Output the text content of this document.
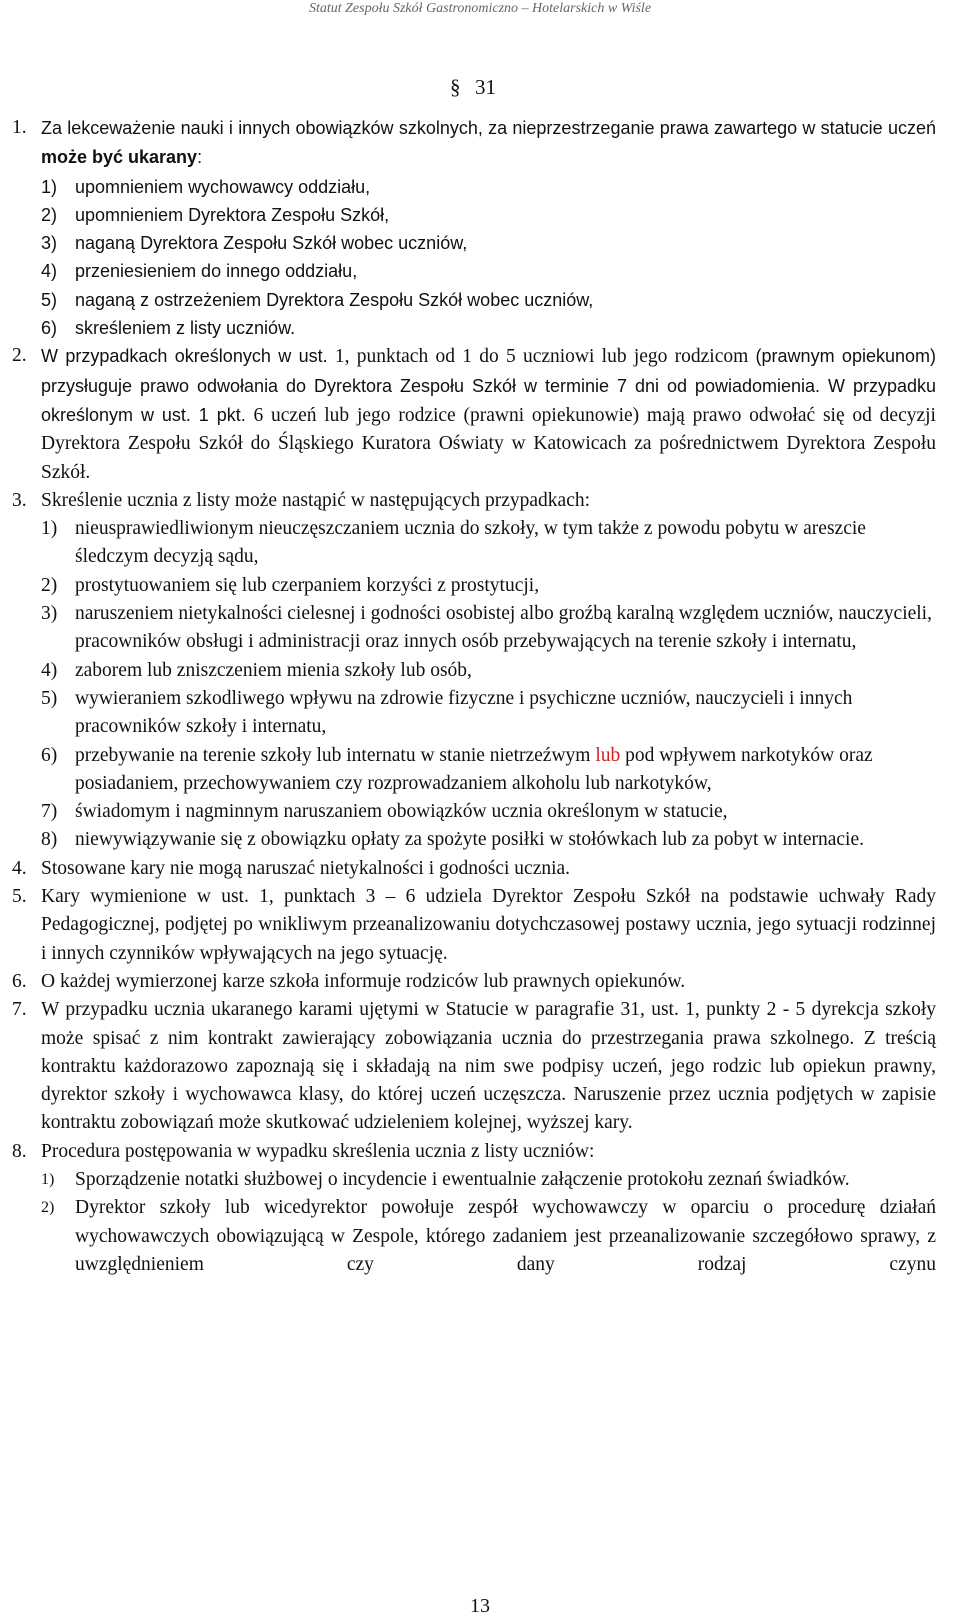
Statut Zespołu Szkół Gastronomiczno – Hotelarskich w Wiśle
§ 31
1. Za lekceważenie nauki i innych obowiązków szkolnych, za nieprzestrzeganie prawa zawartego w statucie uczeń może być ukarany:
1) upomnieniem wychowawcy oddziału,
2) upomnieniem Dyrektora Zespołu Szkół,
3) naganą Dyrektora Zespołu Szkół wobec uczniów,
4) przeniesieniem do innego oddziału,
5) naganą z ostrzeżeniem Dyrektora Zespołu Szkół wobec uczniów,
6) skreśleniem z listy uczniów.
2. W przypadkach określonych w ust. 1, punktach od 1 do 5 uczniowi lub jego rodzicom (prawnym opiekunom) przysługuje prawo odwołania do Dyrektora Zespołu Szkół w terminie 7 dni od powiadomienia. W przypadku określonym w ust. 1 pkt. 6 uczeń lub jego rodzice (prawni opiekunowie) mają prawo odwołać się od decyzji Dyrektora Zespołu Szkół do Śląskiego Kuratora Oświaty w Katowicach za pośrednictwem Dyrektora Zespołu Szkół.
3. Skreślenie ucznia z listy może nastąpić w następujących przypadkach:
1) nieusprawiedliwionym nieuczęszczaniem ucznia do szkoły, w tym także z powodu pobytu w areszcie śledczym decyzją sądu,
2) prostytuowaniem się lub czerpaniem korzyści z prostytucji,
3) naruszeniem nietykalności cielesnej i godności osobistej albo groźbą karalną względem uczniów, nauczycieli, pracowników obsługi i administracji oraz innych osób przebywających na terenie szkoły i internatu,
4) zaborem lub zniszczeniem mienia szkoły lub osób,
5) wywieraniem szkodliwego wpływu na zdrowie fizyczne i psychiczne uczniów, nauczycieli i innych pracowników szkoły i internatu,
6) przebywanie na terenie szkoły lub internatu w stanie nietrzeźwym lub pod wpływem narkotyków oraz posiadaniem, przechowywaniem czy rozprowadzaniem alkoholu lub narkotyków,
7) świadomym i nagminnym naruszaniem obowiązków ucznia określonym w statucie,
8) niewywiązywanie się z obowiązku opłaty za spożyte posiłki w stołówkach lub za pobyt w internacie.
4. Stosowane kary nie mogą naruszać nietykalności i godności ucznia.
5. Kary wymienione w ust. 1, punktach 3 – 6 udziela Dyrektor Zespołu Szkół na podstawie uchwały Rady Pedagogicznej, podjętej po wnikliwym przeanalizowaniu dotychczasowej postawy ucznia, jego sytuacji rodzinnej i innych czynników wpływających na jego sytuację.
6. O każdej wymierzonej karze szkoła informuje rodziców lub prawnych opiekunów.
7. W przypadku ucznia ukaranego karami ujętymi w Statucie w paragrafie 31, ust. 1, punkty 2 - 5 dyrekcja szkoły może spisać z nim kontrakt zawierający zobowiązania ucznia do przestrzegania prawa szkolnego. Z treścią kontraktu każdorazowo zapoznają się i składają na nim swe podpisy uczeń, jego rodzic lub opiekun prawny, dyrektor szkoły i wychowawca klasy, do której uczeń uczęszcza. Naruszenie przez ucznia podjętych w zapisie kontraktu zobowiązań może skutkować udzieleniem kolejnej, wyższej kary.
8. Procedura postępowania w wypadku skreślenia ucznia z listy uczniów:
1) Sporządzenie notatki służbowej o incydencie i ewentualnie załączenie protokołu zeznań świadków.
2) Dyrektor szkoły lub wicedyrektor powołuje zespół wychowawczy w oparciu o procedurę działań wychowawczych obowiązującą w Zespole, którego zadaniem jest przeanalizowanie szczegółowo sprawy, z uwzględnieniem czy dany rodzaj czynu
13
